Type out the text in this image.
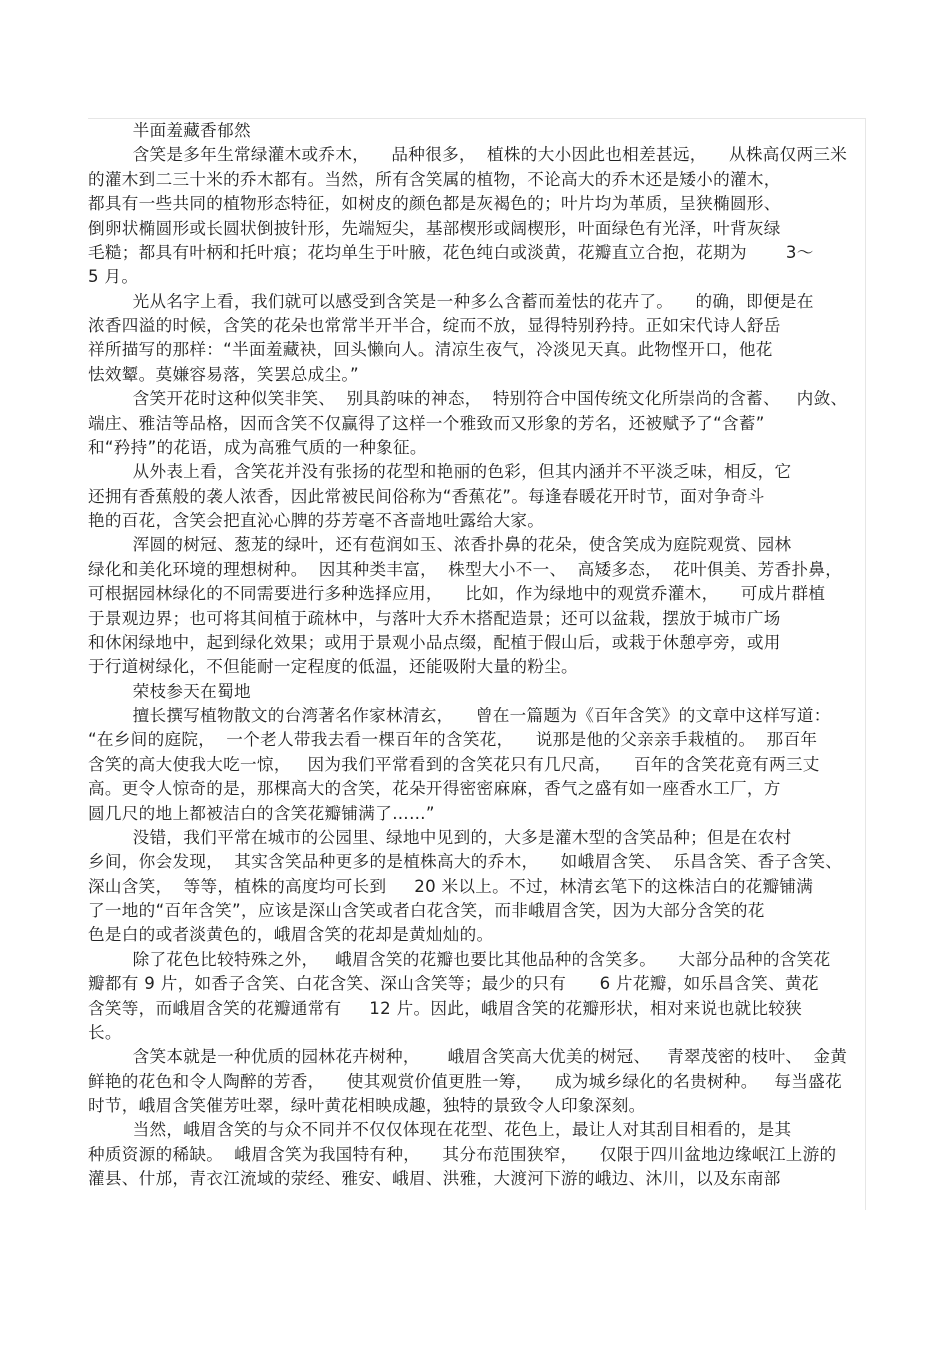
半面羞藏香郁然
含笑是多年生常绿灌木或乔木，    品种很多，  植株的大小因此也相差甚远，    从株高仅两三米
的灌木到二三十米的乔木都有。当然，所有含笑属的植物，不论高大的乔木还是矮小的灌木，
都具有一些共同的植物形态特征，如树皮的颜色都是灰褐色的；叶片均为革质，呈狭椭圆形、
倒卵状椭圆形或长圆状倒披针形，先端短尖，基部楔形或阔楔形，叶面绿色有光泽，叶背灰绿
毛糙；都具有叶柄和托叶痕；花均单生于叶腋，花色纯白或淡黄，花瓣直立合抱，花期为       3～
5 月。
光从名字上看，我们就可以感受到含笑是一种多么含蓄而羞怯的花卉了。    的确，即便是在
浓香四溢的时候，含笑的花朵也常常半开半合，绽而不放，显得特别矜持。正如宋代诗人舒岳
祥所描写的那样：“半面羞藏袂，回头懒向人。清凉生夜气，冷淡见天真。此物悭开口，他花
怯效颦。莫嫌容易落，笑罢总成尘。”
含笑开花时这种似笑非笑、  别具韵味的神态，  特别符合中国传统文化所崇尚的含蓄、   内敛、
端庄、雅洁等品格，因而含笑不仅赢得了这样一个雅致而又形象的芳名，还被赋予了“含蓄”
和“矜持”的花语，成为高雅气质的一种象征。
从外表上看，含笑花并没有张扬的花型和艳丽的色彩，但其内涵并不平淡乏味，相反，它
还拥有香蕉般的袭人浓香，因此常被民间俗称为“香蕉花”。每逢春暖花开时节，面对争奇斗
艳的百花，含笑会把直沁心脾的芬芳毫不吝啬地吐露给大家。
浑圆的树冠、葱茏的绿叶，还有苞润如玉、浓香扑鼻的花朵，使含笑成为庭院观赏、园林
绿化和美化环境的理想树种。  因其种类丰富，  株型大小不一、  高矮多态，  花叶俱美、芳香扑鼻，
可根据园林绿化的不同需要进行多种选择应用，    比如，作为绿地中的观赏乔灌木，    可成片群植
于景观边界；也可将其间植于疏林中，与落叶大乔木搭配造景；还可以盆栽，摆放于城市广场
和休闲绿地中，起到绿化效果；或用于景观小品点缀，配植于假山后，或栽于休憩亭旁，或用
于行道树绿化，不但能耐一定程度的低温，还能吸附大量的粉尘。
荣枝参天在蜀地
擅长撰写植物散文的台湾著名作家林清玄，    曾在一篇题为《百年含笑》的文章中这样写道：
“在乡间的庭院，  一个老人带我去看一棵百年的含笑花，    说那是他的父亲亲手栽植的。  那百年
含笑的高大使我大吃一惊，   因为我们平常看到的含笑花只有几尺高，    百年的含笑花竟有两三丈
高。更令人惊奇的是，那棵高大的含笑，花朵开得密密麻麻，香气之盛有如一座香水工厂，方
圆几尺的地上都被洁白的含笑花瓣铺满了……”
没错，我们平常在城市的公园里、绿地中见到的，大多是灌木型的含笑品种；但是在农村
乡间，你会发现，  其实含笑品种更多的是植株高大的乔木，    如峨眉含笑、  乐昌含笑、香子含笑、
深山含笑，  等等，植株的高度均可长到     20 米以上。不过，林清玄笔下的这株洁白的花瓣铺满
了一地的“百年含笑”，应该是深山含笑或者白花含笑，而非峨眉含笑，因为大部分含笑的花
色是白的或者淡黄色的，峨眉含笑的花却是黄灿灿的。
除了花色比较特殊之外，   峨眉含笑的花瓣也要比其他品种的含笑多。    大部分品种的含笑花
瓣都有 9 片，如香子含笑、白花含笑、深山含笑等；最少的只有      6 片花瓣，如乐昌含笑、黄花
含笑等，而峨眉含笑的花瓣通常有     12 片。因此，峨眉含笑的花瓣形状，相对来说也就比较狭
长。
含笑本就是一种优质的园林花卉树种，     峨眉含笑高大优美的树冠、   青翠茂密的枝叶、  金黄
鲜艳的花色和令人陶醉的芳香，    使其观赏价值更胜一筹，    成为城乡绿化的名贵树种。   每当盛花
时节，峨眉含笑催芳吐翠，绿叶黄花相映成趣，独特的景致令人印象深刻。
当然，峨眉含笑的与众不同并不仅仅体现在花型、花色上，最让人对其刮目相看的，是其
种质资源的稀缺。  峨眉含笑为我国特有种，    其分布范围狭窄，    仅限于四川盆地边缘岷江上游的
灌县、什邡，青衣江流域的荥经、雅安、峨眉、洪雅，大渡河下游的峨边、沐川，以及东南部
